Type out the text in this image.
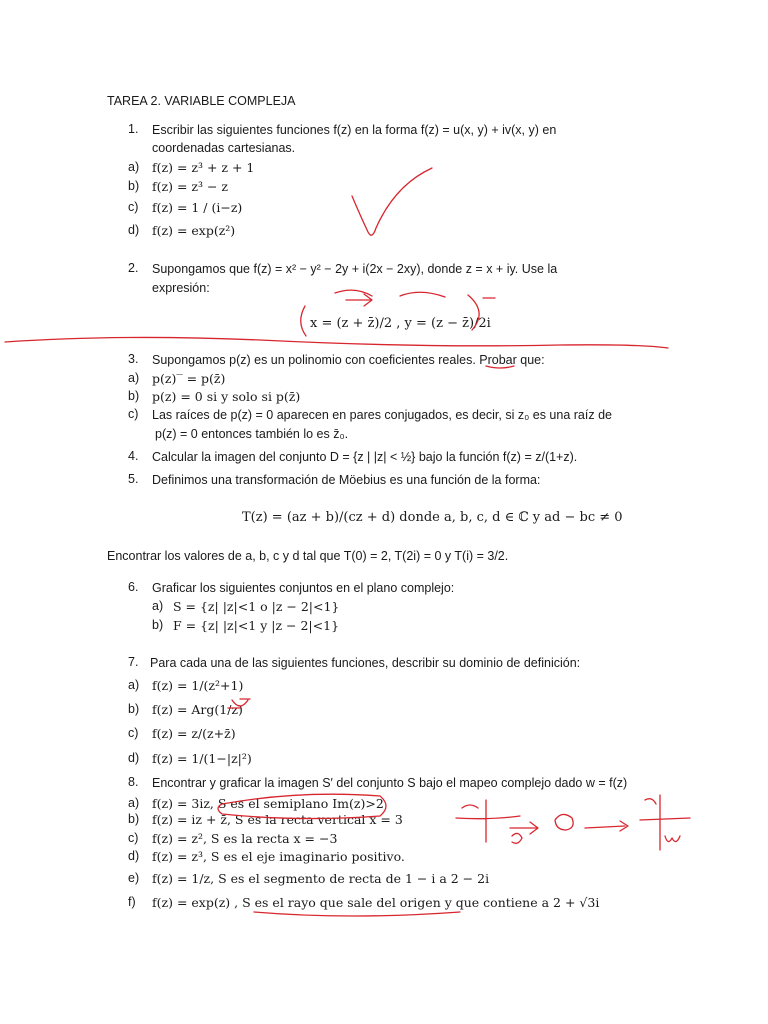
TAREA 2. VARIABLE COMPLEJA
1. Escribir las siguientes funciones f(z) en la forma f(z) = u(x, y) + iv(x, y) en
coordenadas cartesianas.
a) f(z) = z³ + z + 1
b) f(z) = z³ − z
c) f(z) = 1 / (i−z)
d) f(z) = exp(z²)
2. Supongamos que f(z) = x² − y² − 2y + i(2x − 2xy), donde z = x + iy. Use la
expresión:
x = (z + z̄)/2 , y = (z − z̄)/2i
3. Supongamos p(z) es un polinomio con coeficientes reales. Probar que:
a) p(z)‾ = p(z̄)
b) p(z) = 0 si y solo si p(z̄)
c) Las raíces de p(z) = 0 aparecen en pares conjugados, es decir, si z₀ es una raíz de
p(z) = 0 entonces también lo es z̄₀.
4. Calcular la imagen del conjunto D = {z | |z| < ½} bajo la función f(z) = z/(1+z).
5. Definimos una transformación de Möebius es una función de la forma:
T(z) = (az + b)/(cz + d) donde a, b, c, d ∈ ℂ y ad − bc ≠ 0
Encontrar los valores de a, b, c y d tal que T(0) = 2, T(2i) = 0 y T(i) = 3/2.
6. Graficar los siguientes conjuntos en el plano complejo:
a) S = {z| |z|<1 o |z − 2|<1}
b) F = {z| |z|<1 y |z − 2|<1}
7. Para cada una de las siguientes funciones, describir su dominio de definición:
a) f(z) = 1/(z²+1)
b) f(z) = Arg(1/z)
c) f(z) = z/(z+z̄)
d) f(z) = 1/(1−|z|²)
8. Encontrar y graficar la imagen S′ del conjunto S bajo el mapeo complejo dado w = f(z)
a) f(z) = 3iz, S es el semiplano Im(z)>2
b) f(z) = iz + z̄, S es la recta vertical x = 3
c) f(z) = z², S es la recta x = −3
d) f(z) = z³, S es el eje imaginario positivo.
e) f(z) = 1/z, S es el segmento de recta de 1 − i a 2 − 2i
f) f(z) = exp(z) , S es el rayo que sale del origen y que contiene a 2 + √3i
